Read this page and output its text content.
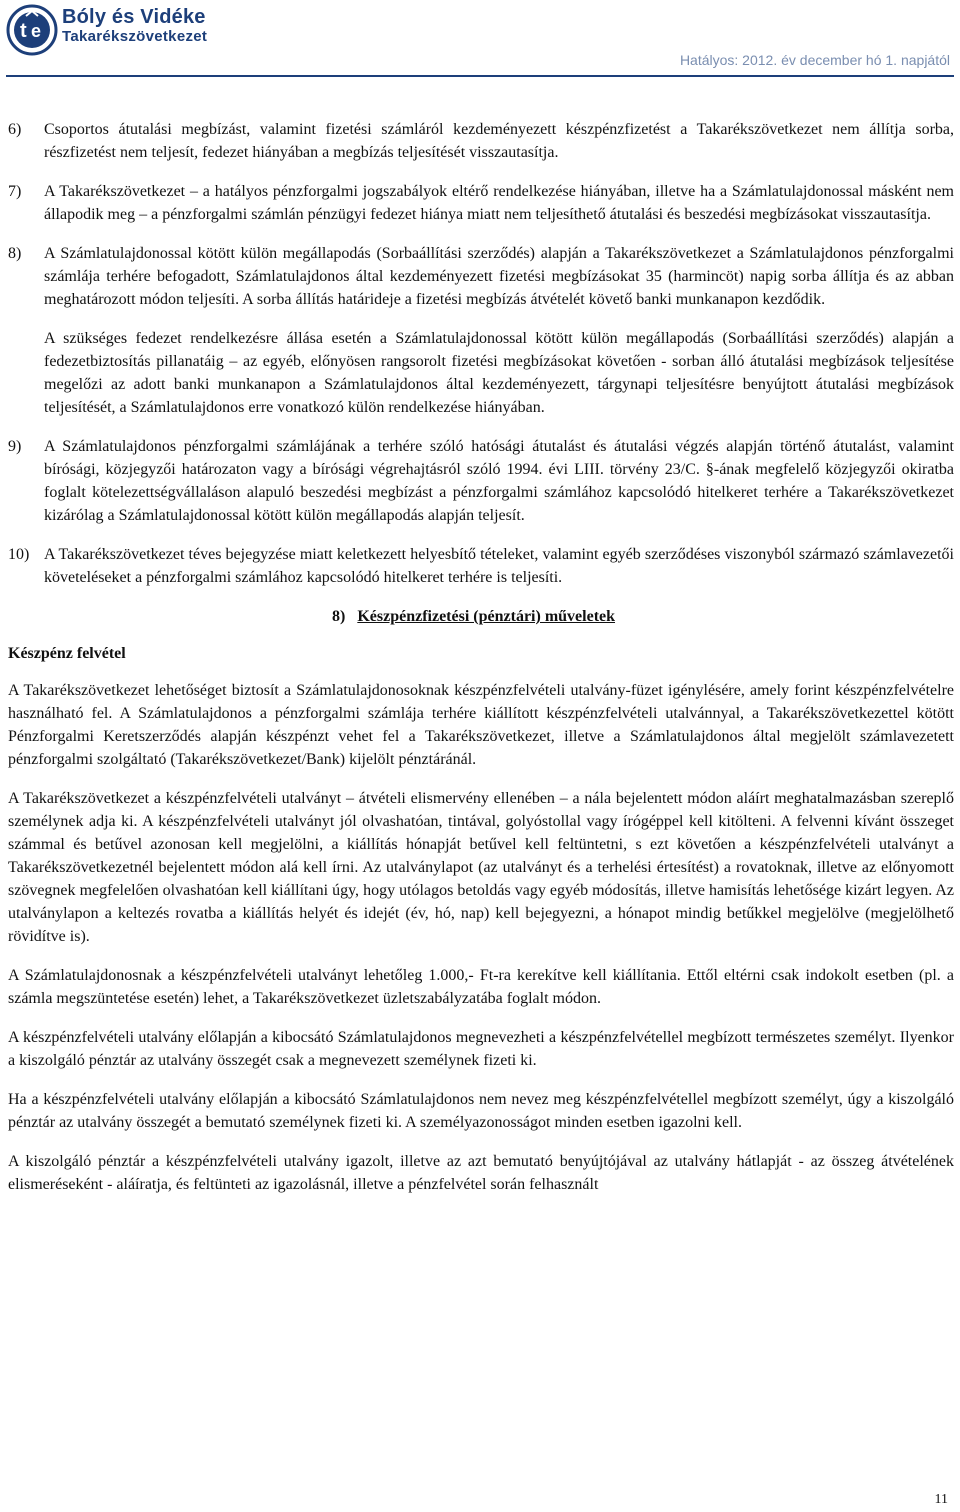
t e
Bóly és Vidéke
Takarékszövetkezet
Hatályos: 2012. év december hó 1. napjától
6)	Csoportos átutalási megbízást, valamint fizetési számláról kezdeményezett készpénzfizetést a Takarékszövetkezet nem állítja sorba, részfizetést nem teljesít, fedezet hiányában a megbízás teljesítését visszautasítja.
7)	A Takarékszövetkezet – a hatályos pénzforgalmi jogszabályok eltérő rendelkezése hiányában, illetve ha a Számlatulajdonossal másként nem állapodik meg – a pénzforgalmi számlán pénzügyi fedezet hiánya miatt nem teljesíthető átutalási és beszedési megbízásokat visszautasítja.
8)	A Számlatulajdonossal kötött külön megállapodás (Sorbaállítási szerződés) alapján a Takarékszövetkezet a Számlatulajdonos pénzforgalmi számlája terhére befogadott, Számlatulajdonos által kezdeményezett fizetési megbízásokat 35 (harmincöt) napig sorba állítja és az abban meghatározott módon teljesíti. A sorba állítás határideje a fizetési megbízás átvételét követő banki munkanapon kezdődik.

A szükséges fedezet rendelkezésre állása esetén a Számlatulajdonossal kötött külön megállapodás (Sorbaállítási szerződés) alapján a fedezetbiztosítás pillanatáig – az egyéb, előnyösen rangsorolt fizetési megbízásokat követően - sorban álló átutalási megbízások teljesítése megelőzi az adott banki munkanapon a Számlatulajdonos által kezdeményezett, tárgynapi teljesítésre benyújtott átutalási megbízások teljesítését, a Számlatulajdonos erre vonatkozó külön rendelkezése hiányában.

9)	A Számlatulajdonos pénzforgalmi számlájának a terhére szóló hatósági átutalást és átutalási végzés alapján történő átutalást, valamint bírósági, közjegyzői határozaton vagy a bírósági végrehajtásról szóló 1994. évi LIII. törvény 23/C. §-ának megfelelő közjegyzői okiratba foglalt kötelezettségvállaláson alapuló beszedési megbízást a pénzforgalmi számlához kapcsolódó hitelkeret terhére a Takarékszövetkezet kizárólag a Számlatulajdonossal kötött külön megállapodás alapján teljesít.
10) A Takarékszövetkezet téves bejegyzése miatt keletkezett helyesbítő tételeket, valamint egyéb szerződéses viszonyból származó számlavezetői követeléseket a pénzforgalmi számlához kapcsolódó hitelkeret terhére is teljesíti.
8) Készpénzfizetési (pénztári) műveletek
Készpénz felvétel

A Takarékszövetkezet lehetőséget biztosít a Számlatulajdonosoknak készpénzfelvételi utalvány-füzet igénylésére, amely forint készpénzfelvételre használható fel. A Számlatulajdonos a pénzforgalmi számlája terhére kiállított készpénzfelvételi utalvánnyal, a Takarékszövetkezettel kötött Pénzforgalmi Keretszerződés alapján készpénzt vehet fel a Takarékszövetkezet, illetve a Számlatulajdonos által megjelölt számlavezetett pénzforgalmi szolgáltató (Takarékszövetkezet/Bank) kijelölt pénztáránál.

A Takarékszövetkezet a készpénzfelvételi utalványt – átvételi elismervény ellenében – a nála bejelentett módon aláírt meghatalmazásban szereplő személynek adja ki. A készpénzfelvételi utalványt jól olvashatóan, tintával, golyóstollal vagy írógéppel kell kitölteni. A felvenni kívánt összeget számmal és betűvel azonosan kell megjelölni, a kiállítás hónapját betűvel kell feltüntetni, s ezt követően a készpénzfelvételi utalványt a Takarékszövetkezetnél bejelentett módon alá kell írni. Az utalványlapot (az utalványt és a terhelési értesítést) a rovatoknak, illetve az előnyomott szövegnek megfelelően olvashatóan kell kiállítani úgy, hogy utólagos betoldás vagy egyéb módosítás, illetve hamisítás lehetősége kizárt legyen. Az utalványlapon a keltezés rovatba a kiállítás helyét és idejét (év, hó, nap) kell bejegyezni, a hónapot mindig betűkkel megjelölve (megjelölhető rövidítve is).

A Számlatulajdonosnak a készpénzfelvételi utalványt lehetőleg 1.000,- Ft-ra kerekítve kell kiállítania. Ettől eltérni csak indokolt esetben (pl. a számla megszüntetése esetén) lehet, a Takarékszövetkezet üzletszabályzatába foglalt módon.

A készpénzfelvételi utalvány előlapján a kibocsátó Számlatulajdonos megnevezheti a készpénzfelvétellel megbízott természetes személyt. Ilyenkor a kiszolgáló pénztár az utalvány összegét csak a megnevezett személynek fizeti ki.

Ha a készpénzfelvételi utalvány előlapján a kibocsátó Számlatulajdonos nem nevez meg készpénzfelvétellel megbízott személyt, úgy a kiszolgáló pénztár az utalvány összegét a bemutató személynek fizeti ki. A személyazonosságot minden esetben igazolni kell.

A kiszolgáló pénztár a készpénzfelvételi utalvány igazolt, illetve az azt bemutató benyújtójával az utalvány hátlapját - az összeg átvételének elismeréseként - aláíratja, és feltünteti az igazolásnál, illetve a pénzfelvétel során felhasznált

11
